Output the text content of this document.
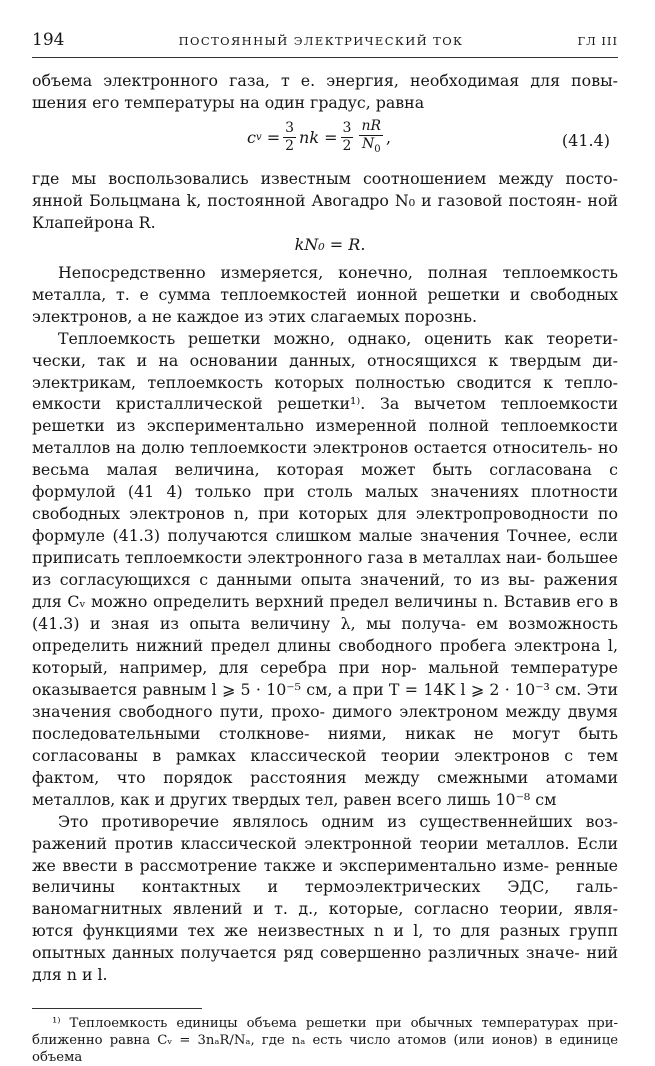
194	ПОСТОЯННЫЙ ЭЛЕКТРИЧЕСКИЙ ТОК	ГЛ III

объема электронного газа, т е. энергия, необходимая для повы- шения его температуры на один градус, равна

c v
= $\frac{3}{2}$ nk
= $\frac{3}{2} \frac{nR}{N_0}$ ,	(41.4)

где мы воспользовались известным соотношением между посто- янной Больцмана k, постоянной Авогадро N₀ и газовой постоян- ной Клапейрона R.

kN₀ = R.

Непосредственно измеряется, конечно, полная теплоемкость металла, т. е сумма теплоемкостей ионной решетки и свободных электронов, а не каждое из этих слагаемых порознь.

Теплоемкость решетки можно, однако, оценить как теорети- чески, так и на основании данных, относящихся к твердым ди- электрикам, теплоемкость которых полностью сводится к тепло- емкости кристаллической решетки¹⁾. За вычетом теплоемкости решетки из экспериментально измеренной полной теплоемкости металлов на долю теплоемкости электронов остается относитель- но весьма малая величина, которая может быть согласована с формулой (41 4) только при столь малых значениях плотности свободных электронов n, при которых для электропроводности по формуле (41.3) получаются слишком малые значения Точнее, если приписать теплоемкости электронного газа в металлах наи- большее из согласующихся с данными опыта значений, то из вы- ражения для Cᵥ можно определить верхний предел величины n. Вставив его в (41.3) и зная из опыта величину λ, мы получа- ем возможность определить нижний предел длины свободного пробега электрона l, который, например, для серебра при нор- мальной температуре оказывается равным l ⩾ 5 · 10⁻⁵ см, а при T = 14K l ⩾ 2 · 10⁻³ см. Эти значения свободного пути, прохо- димого электроном между двумя последовательными столкнове- ниями, никак не могут быть согласованы в рамках классической теории электронов с тем фактом, что порядок расстояния между смежными атомами металлов, как и других твердых тел, равен всего лишь 10⁻⁸ см

Это противоречие являлось одним из существеннейших воз- ражений против классической электронной теории металлов. Если же ввести в рассмотрение также и экспериментально изме- ренные величины контактных и термоэлектрических ЭДС, галь- ваномагнитных явлений и т. д., которые, согласно теории, явля- ются функциями тех же неизвестных n и l, то для разных групп опытных данных получается ряд совершенно различных значе- ний для n и l.

¹⁾ Теплоемкость единицы объема решетки при обычных температурах при- ближенно равна Cᵥ = 3nₐR/Nₐ, где nₐ есть число атомов (или ионов) в единице объема
